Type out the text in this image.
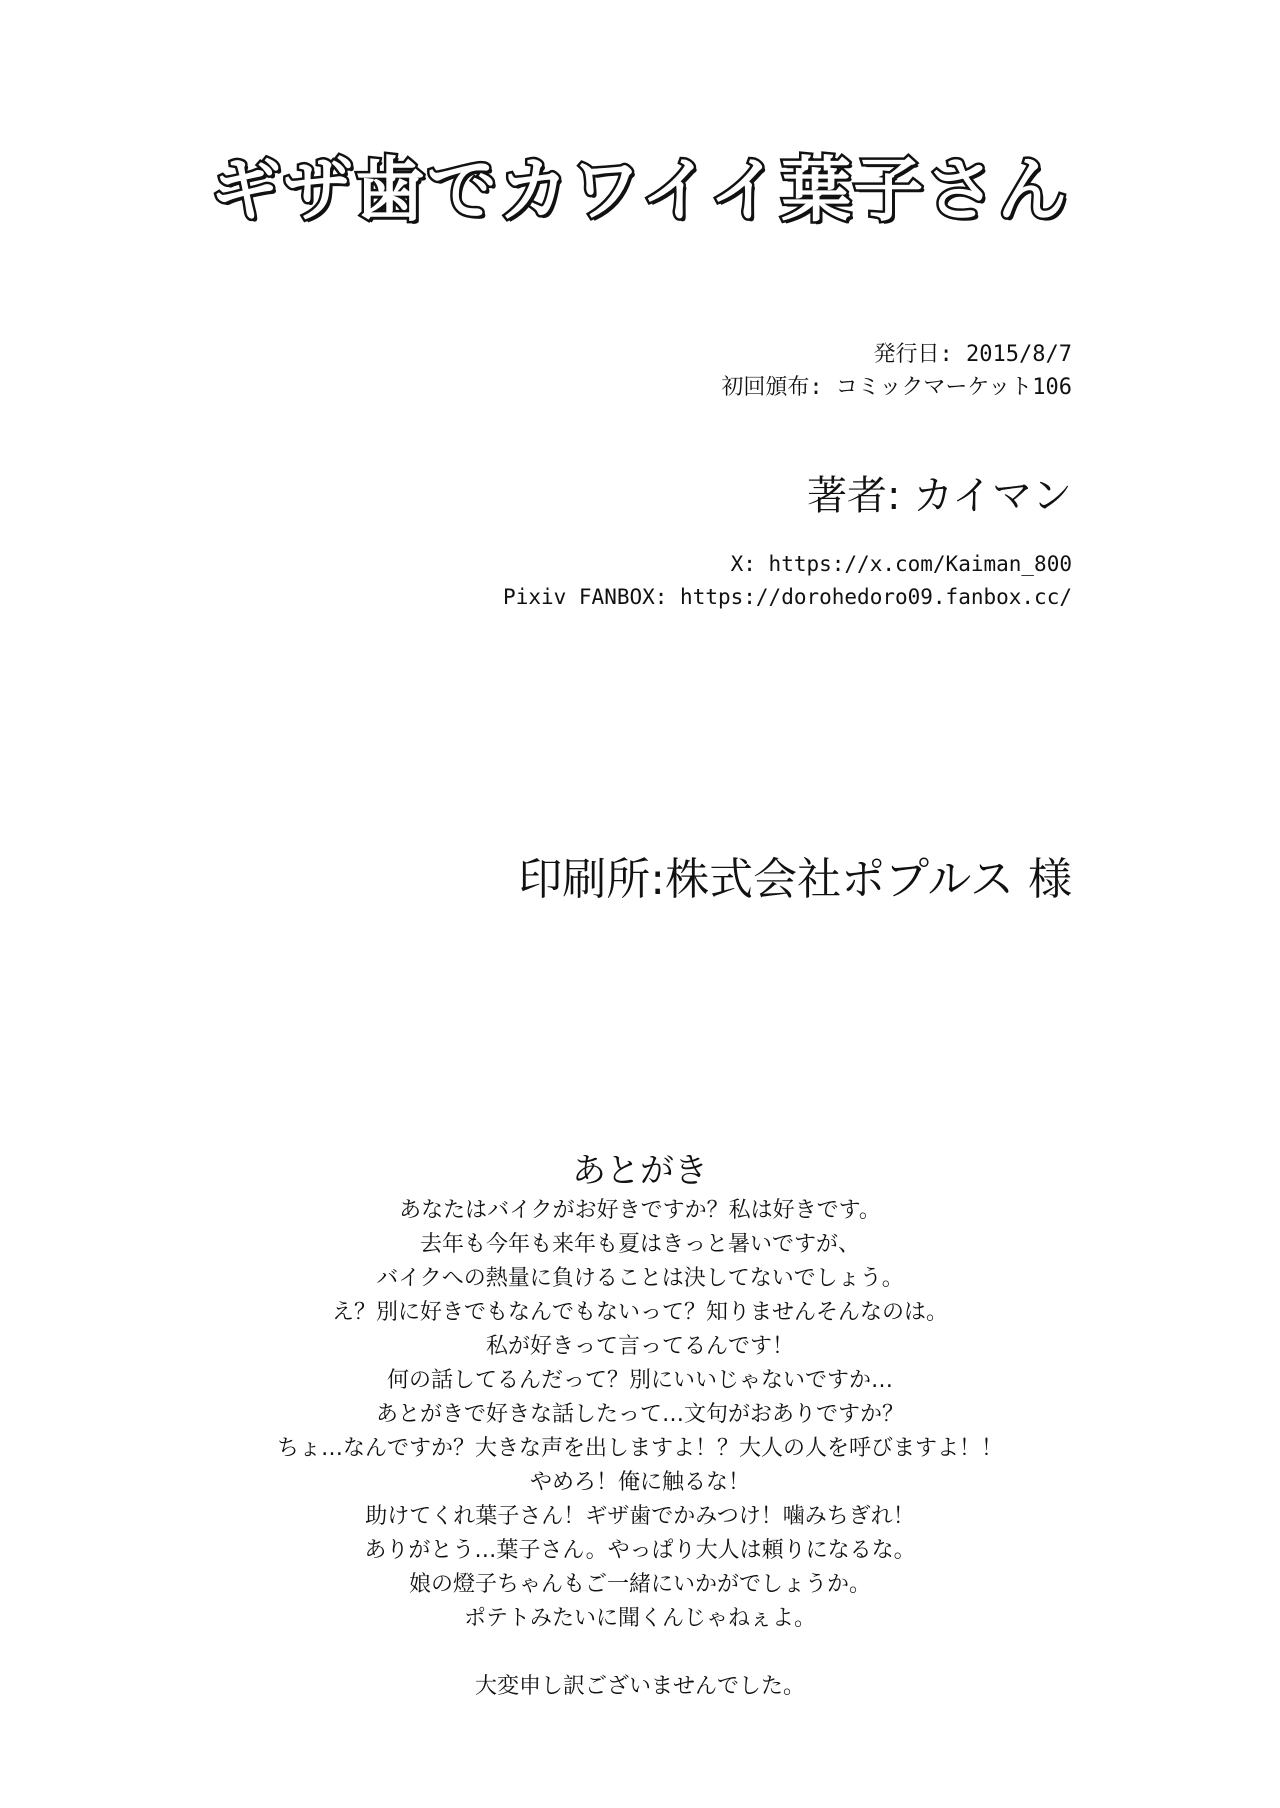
ギザ歯でカワイイ葉子さん
発行日: 2015/8/7
初回頒布: コミックマーケット106
著者: カイマン
X: https://x.com/Kaiman_800
Pixiv FANBOX: https://dorohedoro09.fanbox.cc/
印刷所:株式会社ポプルス 様
あとがき
あなたはバイクがお好きですか？私は好きです。
去年も今年も来年も夏はきっと暑いですが、
バイクへの熱量に負けることは決してないでしょう。
え？別に好きでもなんでもないって？知りませんそんなのは。
私が好きって言ってるんです！
何の話してるんだって？別にいいじゃないですか…
あとがきで好きな話したって…文句がおありですか？
ちょ…なんですか？大きな声を出しますよ！？大人の人を呼びますよ！！
やめろ！俺に触るな！
助けてくれ葉子さん！ギザ歯でかみつけ！噛みちぎれ！
ありがとう…葉子さん。やっぱり大人は頼りになるな。
娘の燈子ちゃんもご一緒にいかがでしょうか。
ポテトみたいに聞くんじゃねぇよ。
大変申し訳ございませんでした。
